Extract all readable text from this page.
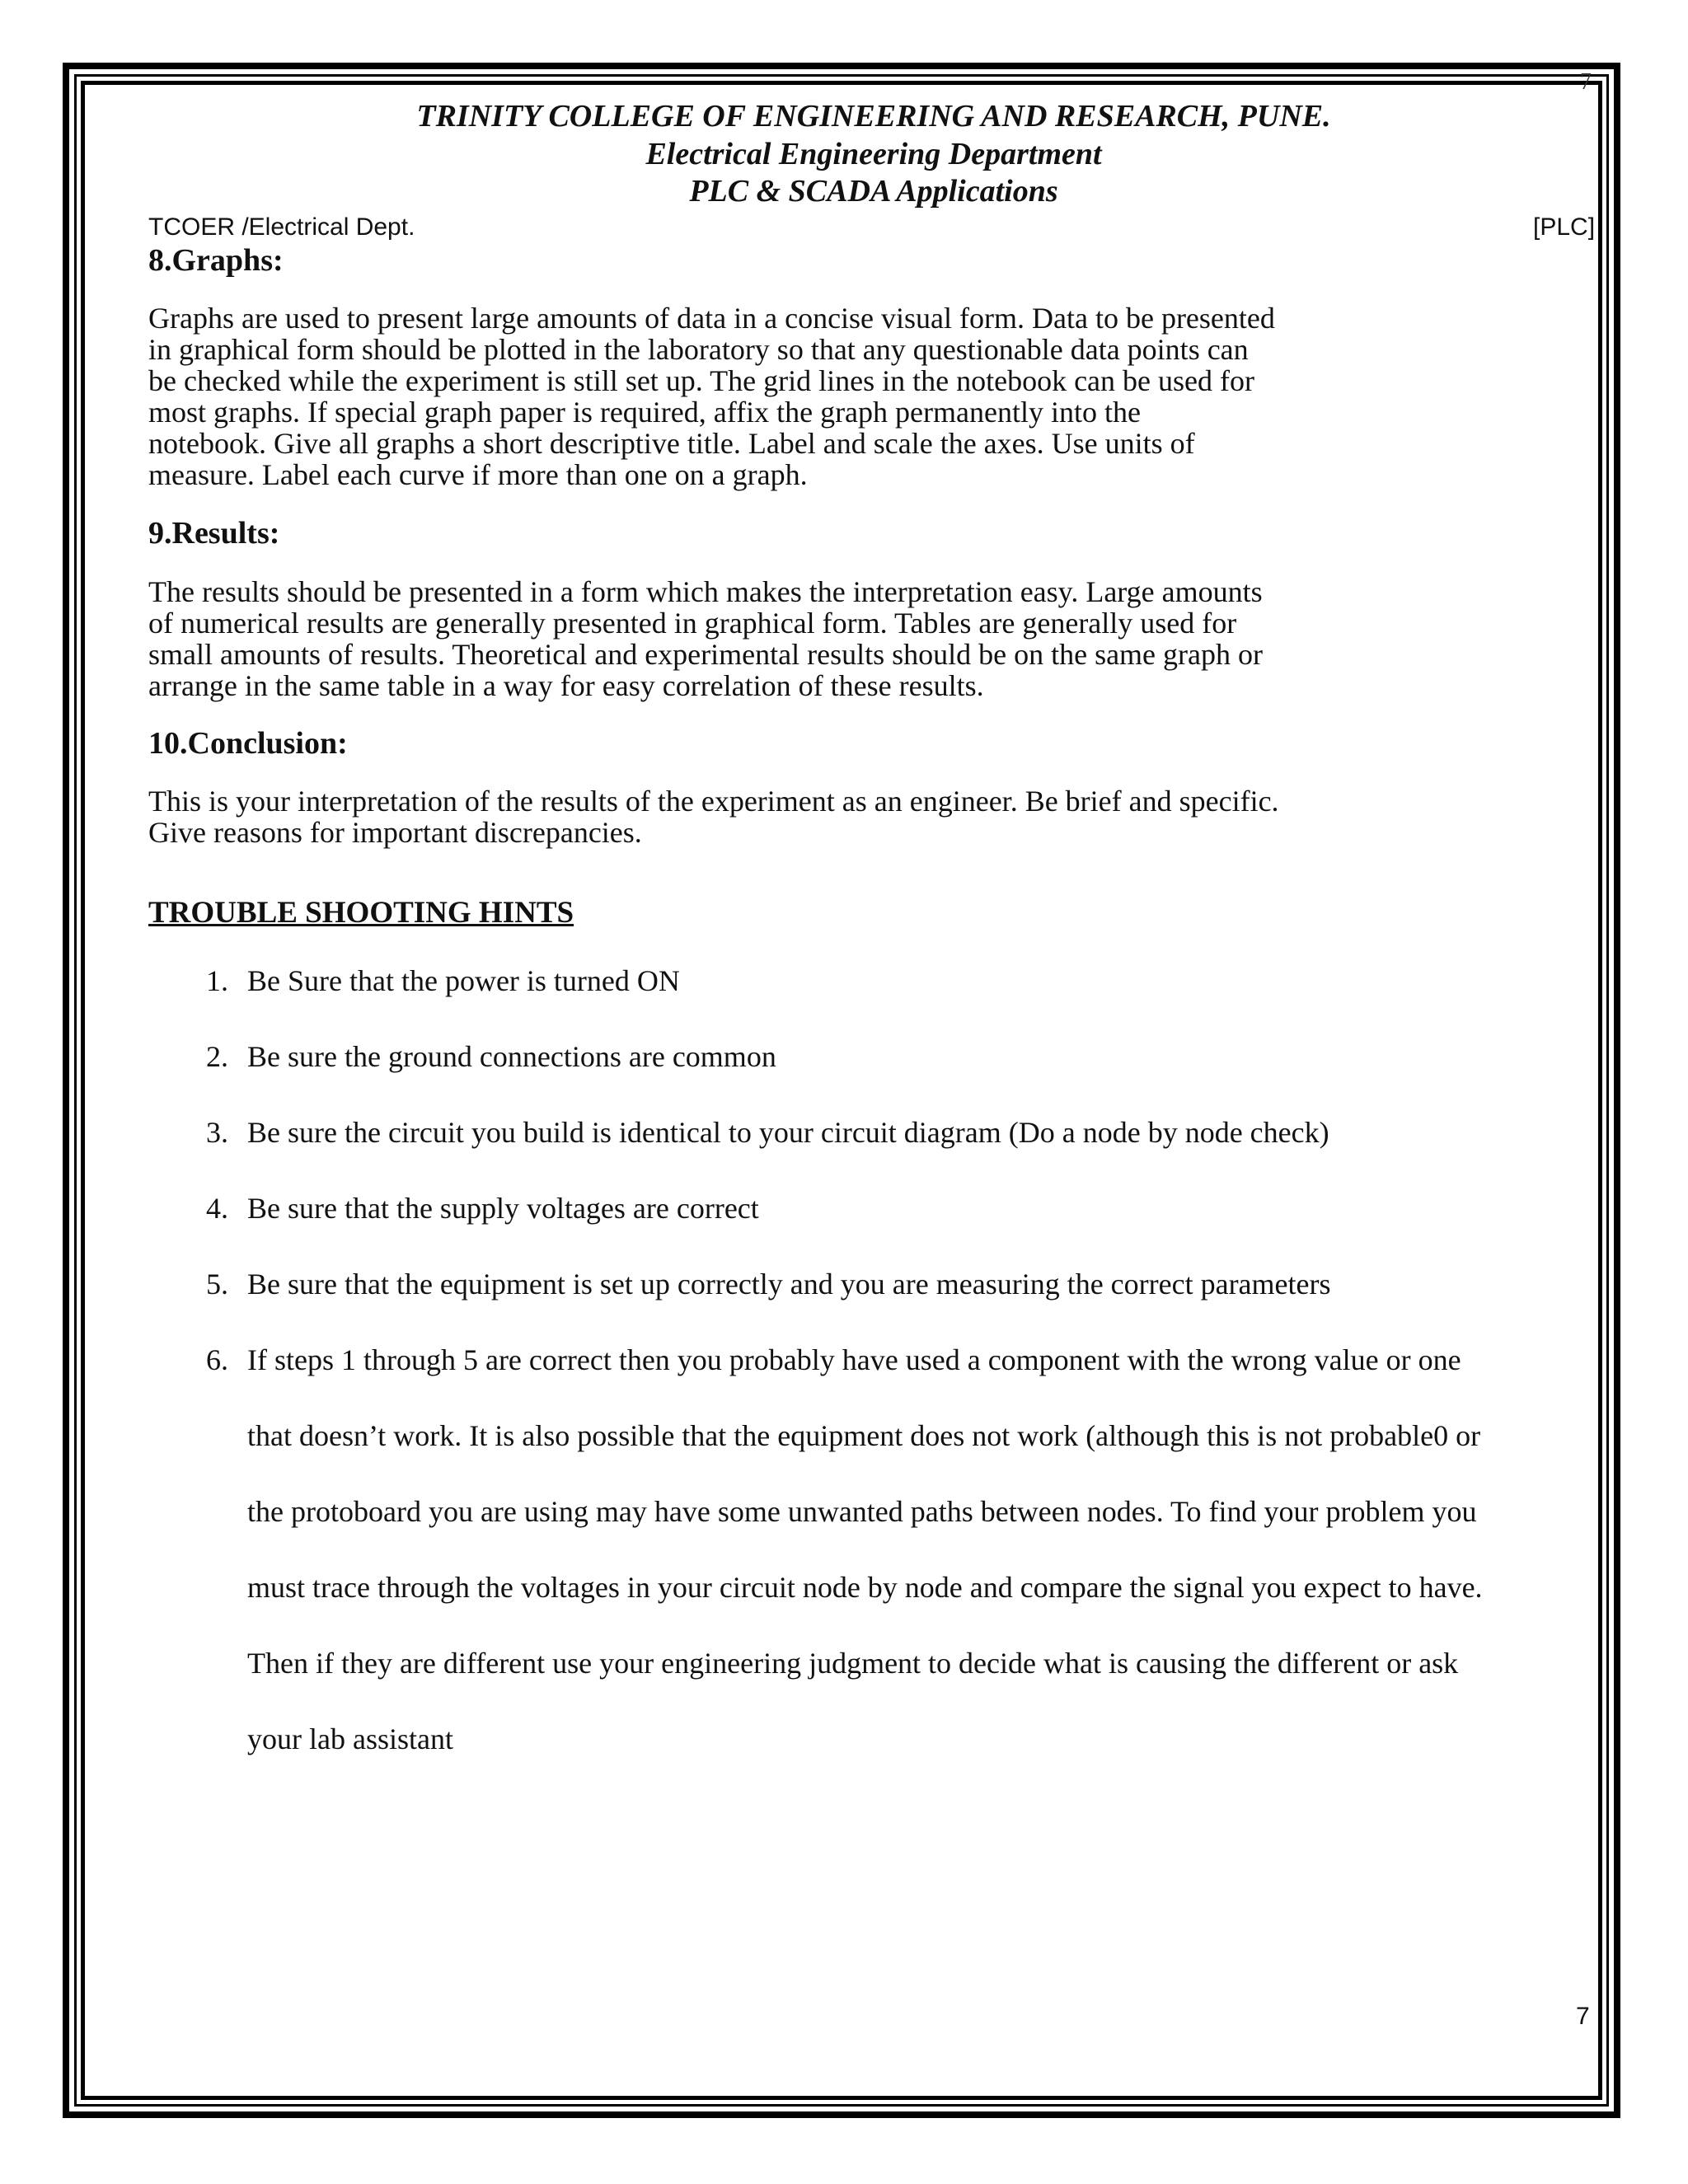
7
TRINITY COLLEGE OF ENGINEERING AND RESEARCH, PUNE.
Electrical Engineering Department
PLC & SCADA Applications
TCOER /Electrical Dept.	[PLC]
8.Graphs:
Graphs are used to present large amounts of data in a concise visual form. Data to be presented
in graphical form should be plotted in the laboratory so that any questionable data points can
be checked while the experiment is still set up. The grid lines in the notebook can be used for
most graphs. If special graph paper is required, affix the graph permanently into the
notebook. Give all graphs a short descriptive title. Label and scale the axes. Use units of
measure. Label each curve if more than one on a graph.
9.Results:
The results should be presented in a form which makes the interpretation easy. Large amounts
of numerical results are generally presented in graphical form. Tables are generally used for
small amounts of results. Theoretical and experimental results should be on the same graph or
arrange in the same table in a way for easy correlation of these results.
10.Conclusion:
This is your interpretation of the results of the experiment as an engineer. Be brief and specific.
Give reasons for important discrepancies.
TROUBLE SHOOTING HINTS
1. Be Sure that the power is turned ON
2. Be sure the ground connections are common
3. Be sure the circuit you build is identical to your circuit diagram (Do a node by node check)
4. Be sure that the supply voltages are correct
5. Be sure that the equipment is set up correctly and you are measuring the correct parameters
6. If steps 1 through 5 are correct then you probably have used a component with the wrong value or one
that doesn’t work. It is also possible that the equipment does not work (although this is not probable0 or
the protoboard you are using may have some unwanted paths between nodes. To find your problem you
must trace through the voltages in your circuit node by node and compare the signal you expect to have.
Then if they are different use your engineering judgment to decide what is causing the different or ask
your lab assistant
7
